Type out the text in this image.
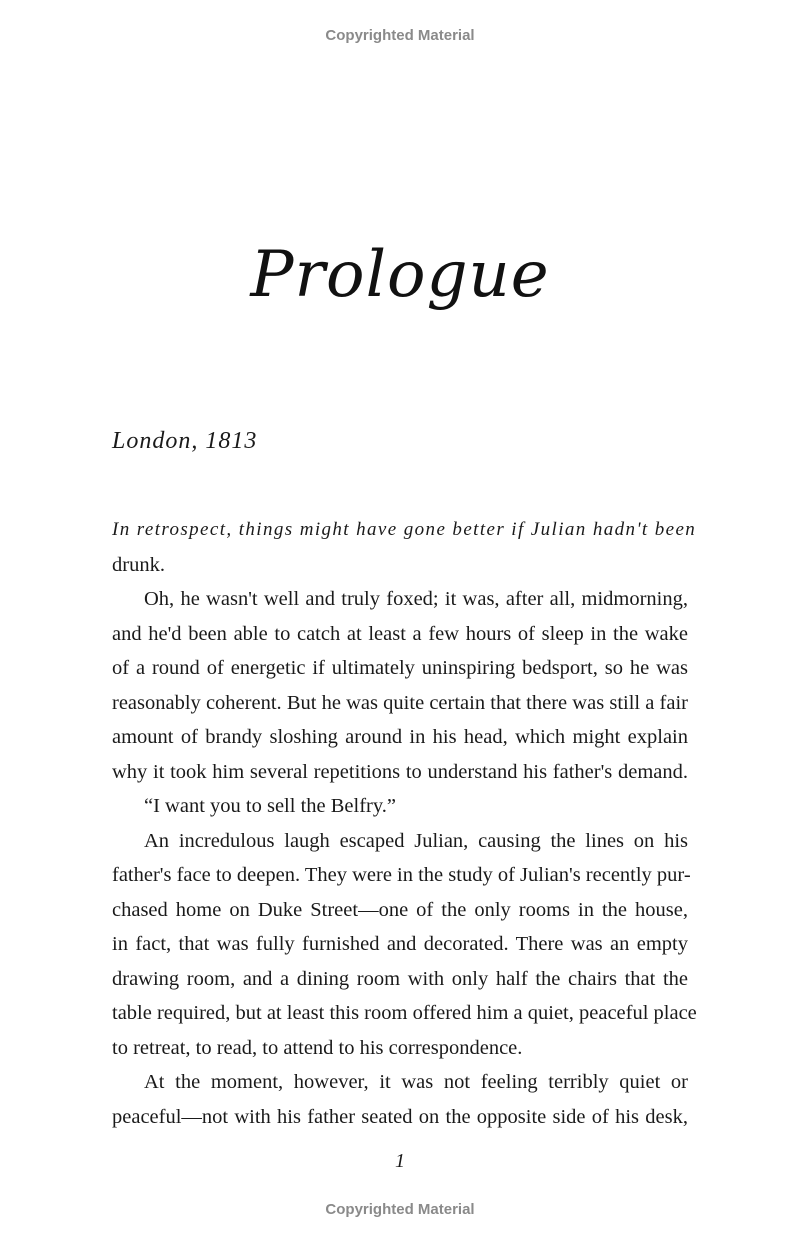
Copyrighted Material
Prologue
London, 1813
In retrospect, things might have gone better if Julian hadn't been
drunk.
Oh, he wasn't well and truly foxed; it was, after all, midmorning,
and he'd been able to catch at least a few hours of sleep in the wake
of a round of energetic if ultimately uninspiring bedsport, so he was
reasonably coherent. But he was quite certain that there was still a fair
amount of brandy sloshing around in his head, which might explain
why it took him several repetitions to understand his father's demand.
“I want you to sell the Belfry.”
An incredulous laugh escaped Julian, causing the lines on his
father's face to deepen. They were in the study of Julian's recently pur-
chased home on Duke Street—one of the only rooms in the house,
in fact, that was fully furnished and decorated. There was an empty
drawing room, and a dining room with only half the chairs that the
table required, but at least this room offered him a quiet, peaceful place
to retreat, to read, to attend to his correspondence.
At the moment, however, it was not feeling terribly quiet or
peaceful—not with his father seated on the opposite side of his desk,
1
Copyrighted Material
